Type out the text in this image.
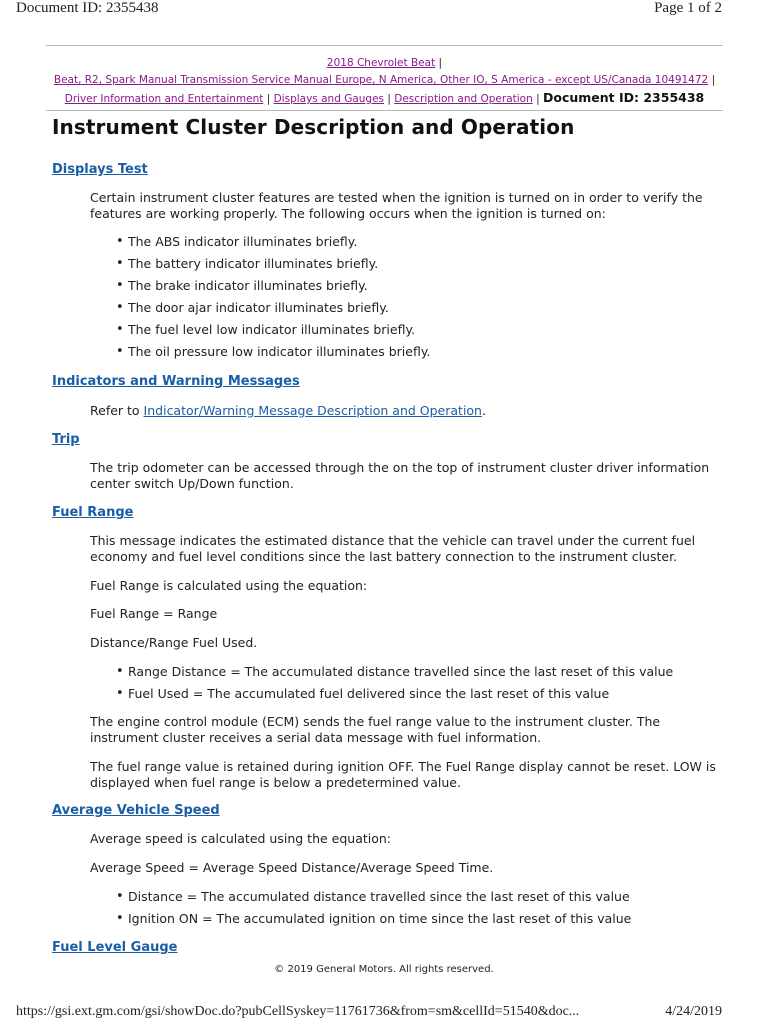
Document ID: 2355438	Page 1 of 2
2018 Chevrolet Beat |
Beat, R2, Spark Manual Transmission Service Manual Europe, N America, Other IO, S America - except US/Canada 10491472 |
Driver Information and Entertainment | Displays and Gauges | Description and Operation | Document ID: 2355438
Instrument Cluster Description and Operation
Displays Test
Certain instrument cluster features are tested when the ignition is turned on in order to verify the features are working properly. The following occurs when the ignition is turned on:
• The ABS indicator illuminates briefly.
• The battery indicator illuminates briefly.
• The brake indicator illuminates briefly.
• The door ajar indicator illuminates briefly.
• The fuel level low indicator illuminates briefly.
• The oil pressure low indicator illuminates briefly.
Indicators and Warning Messages
Refer to Indicator/Warning Message Description and Operation.
Trip
The trip odometer can be accessed through the on the top of instrument cluster driver information center switch Up/Down function.
Fuel Range
This message indicates the estimated distance that the vehicle can travel under the current fuel economy and fuel level conditions since the last battery connection to the instrument cluster.
Fuel Range is calculated using the equation:
Fuel Range = Range
Distance/Range Fuel Used.
• Range Distance = The accumulated distance travelled since the last reset of this value
• Fuel Used = The accumulated fuel delivered since the last reset of this value
The engine control module (ECM) sends the fuel range value to the instrument cluster. The instrument cluster receives a serial data message with fuel information.
The fuel range value is retained during ignition OFF. The Fuel Range display cannot be reset. LOW is displayed when fuel range is below a predetermined value.
Average Vehicle Speed
Average speed is calculated using the equation:
Average Speed = Average Speed Distance/Average Speed Time.
• Distance = The accumulated distance travelled since the last reset of this value
• Ignition ON = The accumulated ignition on time since the last reset of this value
Fuel Level Gauge
© 2019 General Motors. All rights reserved.
https://gsi.ext.gm.com/gsi/showDoc.do?pubCellSyskey=11761736&from=sm&cellId=51540&doc...	4/24/2019
